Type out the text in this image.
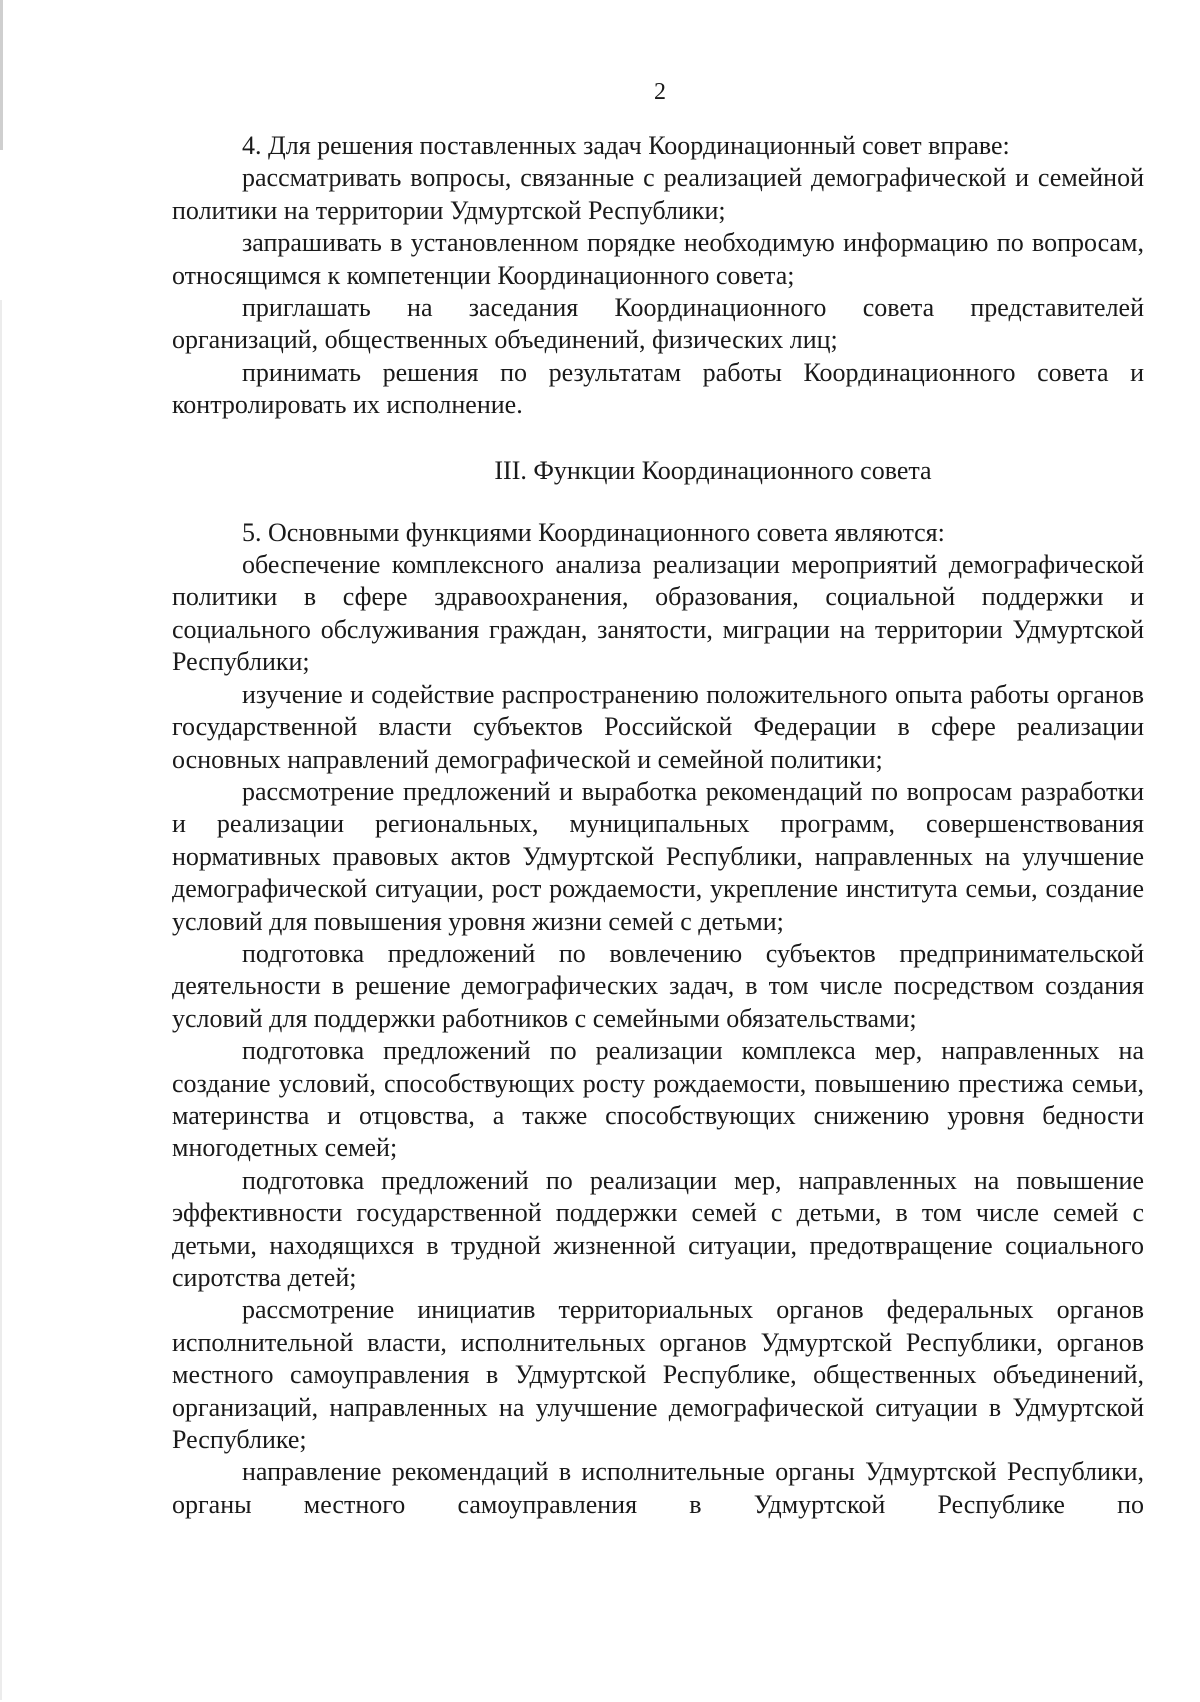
2

4. Для решения поставленных задач Координационный совет вправе:

рассматривать вопросы, связанные с реализацией демографической и семейной политики на территории Удмуртской Республики;

запрашивать в установленном порядке необходимую информацию по вопросам, относящимся к компетенции Координационного совета;

приглашать на заседания Координационного совета представителей организаций, общественных объединений, физических лиц;

принимать решения по результатам работы Координационного совета и контролировать их исполнение.

III. Функции Координационного совета

5. Основными функциями Координационного совета являются:

обеспечение комплексного анализа реализации мероприятий демографической политики в сфере здравоохранения, образования, социальной поддержки и социального обслуживания граждан, занятости, миграции на территории Удмуртской Республики;

изучение и содействие распространению положительного опыта работы органов государственной власти субъектов Российской Федерации в сфере реализации основных направлений демографической и семейной политики;

рассмотрение предложений и выработка рекомендаций по вопросам разработки и реализации региональных, муниципальных программ, совершенствования нормативных правовых актов Удмуртской Республики, направленных на улучшение демографической ситуации, рост рождаемости, укрепление института семьи, создание условий для повышения уровня жизни семей с детьми;

подготовка предложений по вовлечению субъектов предпринимательской деятельности в решение демографических задач, в том числе посредством создания условий для поддержки работников с семейными обязательствами;

подготовка предложений по реализации комплекса мер, направленных на создание условий, способствующих росту рождаемости, повышению престижа семьи, материнства и отцовства, а также способствующих снижению уровня бедности многодетных семей;

подготовка предложений по реализации мер, направленных на повышение эффективности государственной поддержки семей с детьми, в том числе семей с детьми, находящихся в трудной жизненной ситуации, предотвращение социального сиротства детей;

рассмотрение инициатив территориальных органов федеральных органов исполнительной власти, исполнительных органов Удмуртской Республики, органов местного самоуправления в Удмуртской Республике, общественных объединений, организаций, направленных на улучшение демографической ситуации в Удмуртской Республике;

направление рекомендаций в исполнительные органы Удмуртской Республики, органы местного самоуправления в Удмуртской Республике по
